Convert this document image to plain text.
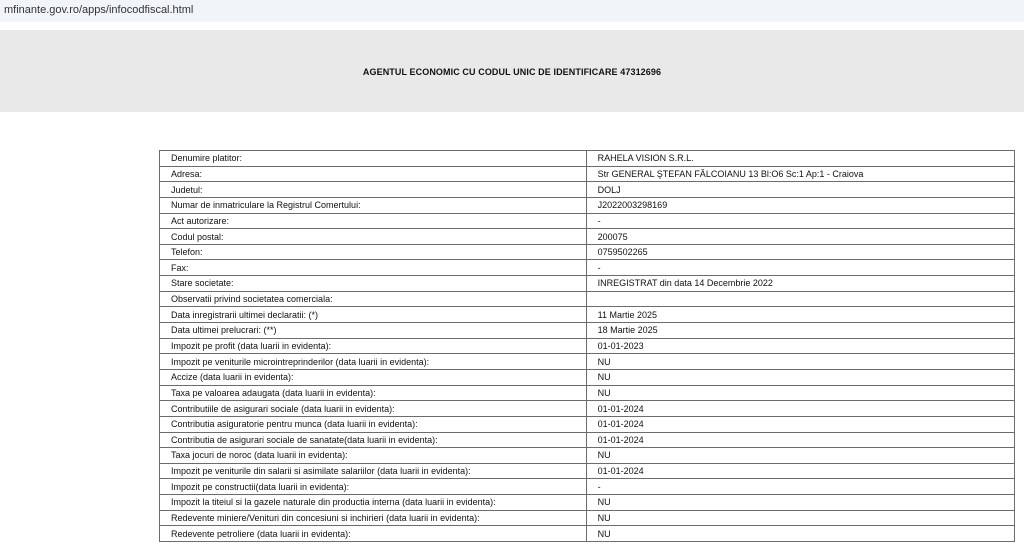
mfinante.gov.ro/apps/infocodfiscal.html
AGENTUL ECONOMIC CU CODUL UNIC DE IDENTIFICARE 47312696
Denumire platitor:	RAHELA VISION S.R.L.
Adresa:	Str GENERAL ŞTEFAN FĂLCOIANU 13 Bl:O6 Sc:1 Ap:1 - Craiova
Judetul:	DOLJ
Numar de inmatriculare la Registrul Comertului:	J2022003298169
Act autorizare:	-
Codul postal:	200075
Telefon:	0759502265
Fax:	-
Stare societate:	INREGISTRAT din data 14 Decembrie 2022
Observatii privind societatea comerciala:	
Data inregistrarii ultimei declaratii: (*)	11 Martie 2025
Data ultimei prelucrari: (**)	18 Martie 2025
Impozit pe profit (data luarii in evidenta):	01-01-2023
Impozit pe veniturile microintreprinderilor (data luarii in evidenta):	NU
Accize (data luarii in evidenta):	NU
Taxa pe valoarea adaugata (data luarii in evidenta):	NU
Contributiile de asigurari sociale (data luarii in evidenta):	01-01-2024
Contributia asiguratorie pentru munca (data luarii in evidenta):	01-01-2024
Contributia de asigurari sociale de sanatate(data luarii in evidenta):	01-01-2024
Taxa jocuri de noroc (data luarii in evidenta):	NU
Impozit pe veniturile din salarii si asimilate salariilor (data luarii in evidenta):	01-01-2024
Impozit pe constructii(data luarii in evidenta):	-
Impozit la titeiul si la gazele naturale din productia interna (data luarii in evidenta):	NU
Redevente miniere/Venituri din concesiuni si inchirieri (data luarii in evidenta):	NU
Redevente petroliere (data luarii in evidenta):	NU
